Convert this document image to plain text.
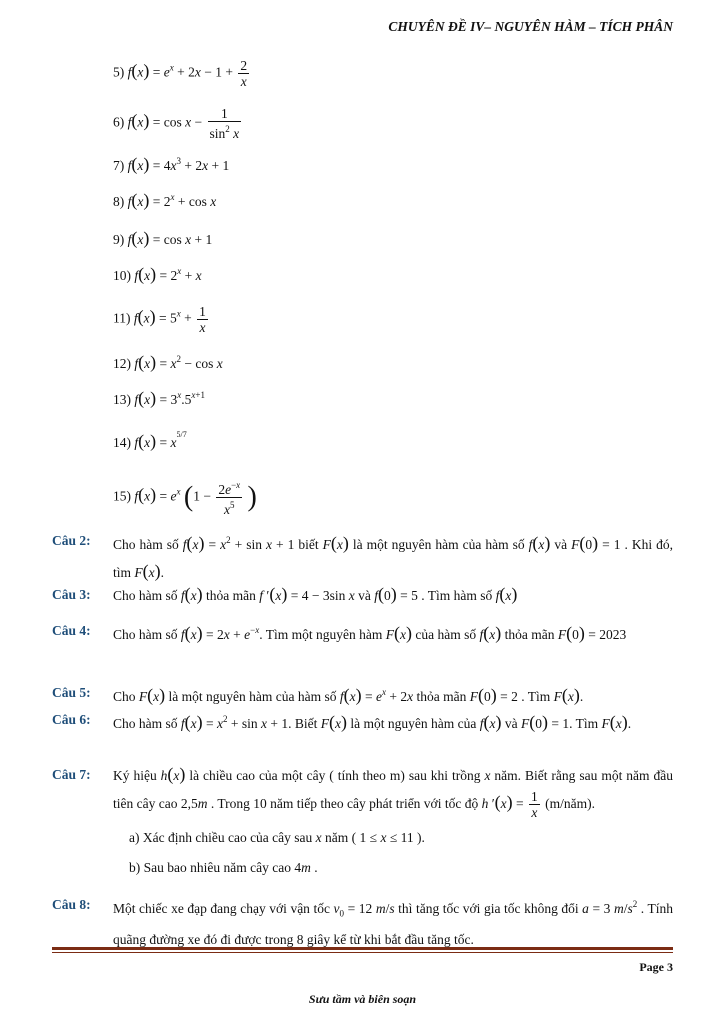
CHUYÊN ĐỀ IV– NGUYÊN HÀM – TÍCH PHÂN
5) $f(x) = e^x + 2x - 1 + \frac{2}{x}$
6) $f(x) = \cos x - \frac{1}{\sin^2 x}$
7) $f(x) = 4x^3 + 2x + 1$
8) $f(x) = 2^x + \cos x$
9) f(x) = cos x + 1
10) $f(x) = 2^x + x$
11) $f(x) = 5^x + \frac{1}{x}$
12) $f(x) = x^2 - \cos x$
13) $f(x) = 3^x.5^{x+1}$
14) $f(x) = x^{5/7}$
15) $f(x) = e^x$ ($1 - \frac{2e^{-x}}{x^5}$ )
Câu 2: Cho hàm số $f(x) = x^2 + \sin x + 1$ biết F(x) là một nguyên hàm của hàm số f(x) và F(0) = 1 . Khi đó, tìm F(x).
Câu 3: Cho hàm số f(x) thỏa mãn f ′(x) = 4 − 3sin x và f(0) = 5 . Tìm hàm số f(x)
Câu 4: Cho hàm số $f(x) = 2x + e^{-x}$. Tìm một nguyên hàm F(x) của hàm số f(x) thỏa mãn F(0) = 2023
Câu 5: Cho F(x) là một nguyên hàm của hàm số $f(x) = e^x + 2x$ thỏa mãn F(0) = 2 . Tìm F(x).
Câu 6: Cho hàm số $f(x) = x^2 + \sin x + 1$. Biết F(x) là một nguyên hàm của f(x) và F(0) = 1. Tìm F(x).
Câu 7: Ký hiệu h(x) là chiều cao của một cây ( tính theo m) sau khi trồng x năm. Biết rằng sau một năm đầu tiên cây cao 2,5m . Trong 10 năm tiếp theo cây phát triển với tốc độ h $'(x) = \frac{1}{x}$ (m/năm).
a) Xác định chiều cao của cây sau x năm ( 1 ≤ x ≤ 11 ).
b) Sau bao nhiêu năm cây cao 4m .
Câu 8: Một chiếc xe đạp đang chạy với vận tốc $v_0 = 12$ m/s thì tăng tốc với gia tốc không đổi a = 3 $m/s^2$ . Tính quãng đường xe đó đi được trong 8 giây kể từ khi bắt đầu tăng tốc.
Page 3
Sưu tầm và biên soạn
